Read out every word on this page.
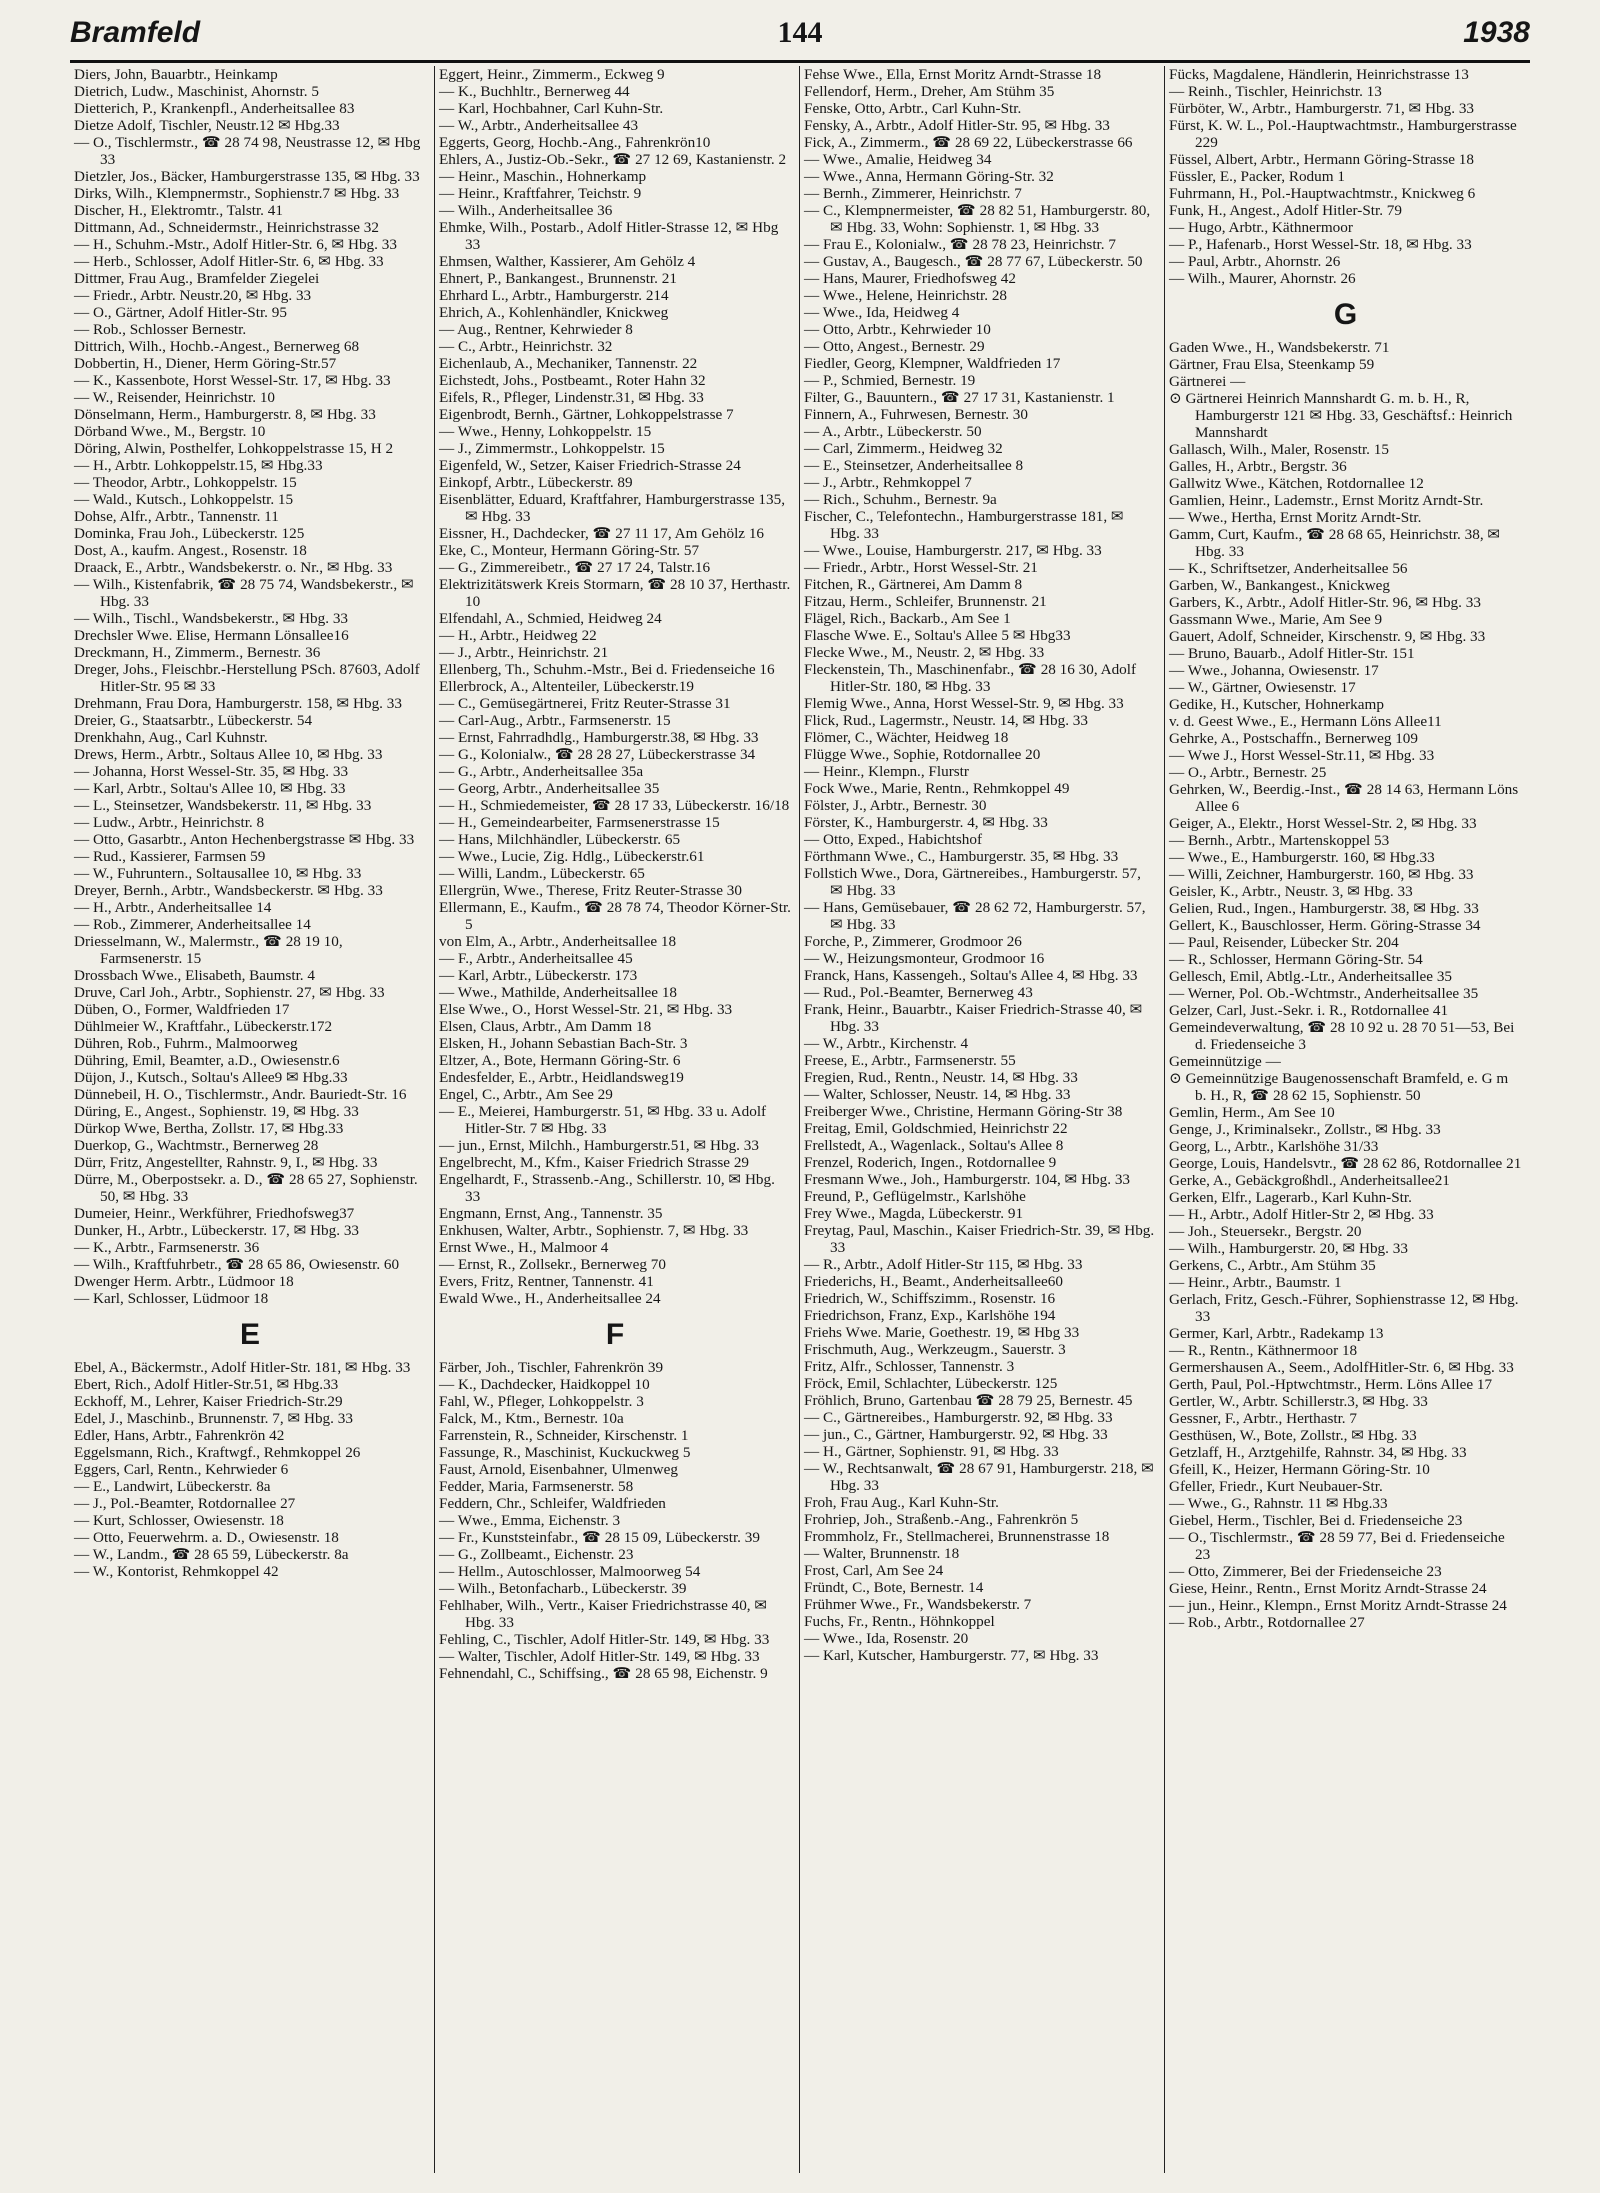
Bramfeld	144	1938
Diers, John, Bauarbtr., Heinkamp
Dietrich, Ludw., Maschinist, Ahornstr. 5
Dietterich, P., Krankenpfl., Anderheitsallee 83
Dietze Adolf, Tischler, Neustr.12 ✉ Hbg.33
— O., Tischlermstr., ☎ 28 74 98, Neustrasse 12, ✉ Hbg 33
Dietzler, Jos., Bäcker, Hamburgerstrasse 135, ✉ Hbg. 33
Dirks, Wilh., Klempnermstr., Sophienstr.7 ✉ Hbg. 33
Discher, H., Elektromtr., Talstr. 41
Dittmann, Ad., Schneidermstr., Heinrichstrasse 32
— H., Schuhm.-Mstr., Adolf Hitler-Str. 6, ✉ Hbg. 33
— Herb., Schlosser, Adolf Hitler-Str. 6, ✉ Hbg. 33
Dittmer, Frau Aug., Bramfelder Ziegelei
— Friedr., Arbtr. Neustr.20, ✉ Hbg. 33
— O., Gärtner, Adolf Hitler-Str. 95
— Rob., Schlosser Bernestr.
Dittrich, Wilh., Hochb.-Angest., Bernerweg 68
Dobbertin, H., Diener, Herm Göring-Str.57
— K., Kassenbote, Horst Wessel-Str. 17, ✉ Hbg. 33
— W., Reisender, Heinrichstr. 10
Dönselmann, Herm., Hamburgerstr. 8, ✉ Hbg. 33
Dörband Wwe., M., Bergstr. 10
Döring, Alwin, Posthelfer, Lohkoppelstrasse 15, H 2
— H., Arbtr. Lohkoppelstr.15, ✉ Hbg.33
— Theodor, Arbtr., Lohkoppelstr. 15
— Wald., Kutsch., Lohkoppelstr. 15
Dohse, Alfr., Arbtr., Tannenstr. 11
Dominka, Frau Joh., Lübeckerstr. 125
Dost, A., kaufm. Angest., Rosenstr. 18
Draack, E., Arbtr., Wandsbekerstr. o. Nr., ✉ Hbg. 33
— Wilh., Kistenfabrik, ☎ 28 75 74, Wandsbekerstr., ✉ Hbg. 33
— Wilh., Tischl., Wandsbekerstr., ✉ Hbg. 33
Drechsler Wwe. Elise, Hermann Lönsallee16
Dreckmann, H., Zimmerm., Bernestr. 36
Dreger, Johs., Fleischbr.-Herstellung PSch. 87603, Adolf Hitler-Str. 95 ✉ 33
Drehmann, Frau Dora, Hamburgerstr. 158, ✉ Hbg. 33
Dreier, G., Staatsarbtr., Lübeckerstr. 54
Drenkhahn, Aug., Carl Kuhnstr.
Drews, Herm., Arbtr., Soltaus Allee 10, ✉ Hbg. 33
— Johanna, Horst Wessel-Str. 35, ✉ Hbg. 33
— Karl, Arbtr., Soltau's Allee 10, ✉ Hbg. 33
— L., Steinsetzer, Wandsbekerstr. 11, ✉ Hbg. 33
— Ludw., Arbtr., Heinrichstr. 8
— Otto, Gasarbtr., Anton Hechenbergstrasse ✉ Hbg. 33
— Rud., Kassierer, Farmsen 59
— W., Fuhruntern., Soltausallee 10, ✉ Hbg. 33
Dreyer, Bernh., Arbtr., Wandsbeckerstr. ✉ Hbg. 33
— H., Arbtr., Anderheitsallee 14
— Rob., Zimmerer, Anderheitsallee 14
Driesselmann, W., Malermstr., ☎ 28 19 10, Farmsenerstr. 15
Drossbach Wwe., Elisabeth, Baumstr. 4
Druve, Carl Joh., Arbtr., Sophienstr. 27, ✉ Hbg. 33
Düben, O., Former, Waldfrieden 17
Dühlmeier W., Kraftfahr., Lübeckerstr.172
Dühren, Rob., Fuhrm., Malmoorweg
Dühring, Emil, Beamter, a.D., Owiesenstr.6
Düjon, J., Kutsch., Soltau's Allee9 ✉ Hbg.33
Dünnebeil, H. O., Tischlermstr., Andr. Bauriedt-Str. 16
Düring, E., Angest., Sophienstr. 19, ✉ Hbg. 33
Dürkop Wwe, Bertha, Zollstr. 17, ✉ Hbg.33
Duerkop, G., Wachtmstr., Bernerweg 28
Dürr, Fritz, Angestellter, Rahnstr. 9, I., ✉ Hbg. 33
Dürre, M., Oberpostsekr. a. D., ☎ 28 65 27, Sophienstr. 50, ✉ Hbg. 33
Dumeier, Heinr., Werkführer, Friedhofsweg37
Dunker, H., Arbtr., Lübeckerstr. 17, ✉ Hbg. 33
— K., Arbtr., Farmsenerstr. 36
— Wilh., Kraftfuhrbetr., ☎ 28 65 86, Owiesenstr. 60
Dwenger Herm. Arbtr., Lüdmoor 18
— Karl, Schlosser, Lüdmoor 18
E
Ebel, A., Bäckermstr., Adolf Hitler-Str. 181, ✉ Hbg. 33
Ebert, Rich., Adolf Hitler-Str.51, ✉ Hbg.33
Eckhoff, M., Lehrer, Kaiser Friedrich-Str.29
Edel, J., Maschinb., Brunnenstr. 7, ✉ Hbg. 33
Edler, Hans, Arbtr., Fahrenkrön 42
Eggelsmann, Rich., Kraftwgf., Rehmkoppel 26
Eggers, Carl, Rentn., Kehrwieder 6
— E., Landwirt, Lübeckerstr. 8a
— J., Pol.-Beamter, Rotdornallee 27
— Kurt, Schlosser, Owiesenstr. 18
— Otto, Feuerwehrm. a. D., Owiesenstr. 18
— W., Landm., ☎ 28 65 59, Lübeckerstr. 8a
— W., Kontorist, Rehmkoppel 42
Eggert, Heinr., Zimmerm., Eckweg 9
— K., Buchhltr., Bernerweg 44
— Karl, Hochbahner, Carl Kuhn-Str.
— W., Arbtr., Anderheitsallee 43
Eggerts, Georg, Hochb.-Ang., Fahrenkrön10
Ehlers, A., Justiz-Ob.-Sekr., ☎ 27 12 69, Kastanienstr. 2
— Heinr., Maschin., Hohnerkamp
— Heinr., Kraftfahrer, Teichstr. 9
— Wilh., Anderheitsallee 36
Ehmke, Wilh., Postarb., Adolf Hitler-Strasse 12, ✉ Hbg 33
Ehmsen, Walther, Kassierer, Am Gehölz 4
Ehnert, P., Bankangest., Brunnenstr. 21
Ehrhard L., Arbtr., Hamburgerstr. 214
Ehrich, A., Kohlenhändler, Knickweg
— Aug., Rentner, Kehrwieder 8
— C., Arbtr., Heinrichstr. 32
Eichenlaub, A., Mechaniker, Tannenstr. 22
Eichstedt, Johs., Postbeamt., Roter Hahn 32
Eifels, R., Pfleger, Lindenstr.31, ✉ Hbg. 33
Eigenbrodt, Bernh., Gärtner, Lohkoppelstrasse 7
— Wwe., Henny, Lohkoppelstr. 15
— J., Zimmermstr., Lohkoppelstr. 15
Eigenfeld, W., Setzer, Kaiser Friedrich-Strasse 24
Einkopf, Arbtr., Lübeckerstr. 89
Eisenblätter, Eduard, Kraftfahrer, Hamburgerstrasse 135, ✉ Hbg. 33
Eissner, H., Dachdecker, ☎ 27 11 17, Am Gehölz 16
Eke, C., Monteur, Hermann Göring-Str. 57
— G., Zimmereibetr., ☎ 27 17 24, Talstr.16
Elektrizitätswerk Kreis Stormarn, ☎ 28 10 37, Herthastr. 10
Elfendahl, A., Schmied, Heidweg 24
— H., Arbtr., Heidweg 22
— J., Arbtr., Heinrichstr. 21
Ellenberg, Th., Schuhm.-Mstr., Bei d. Friedenseiche 16
Ellerbrock, A., Altenteiler, Lübeckerstr.19
— C., Gemüsegärtnerei, Fritz Reuter-Strasse 31
— Carl-Aug., Arbtr., Farmsenerstr. 15
— Ernst, Fahrradhdlg., Hamburgerstr.38, ✉ Hbg. 33
— G., Kolonialw., ☎ 28 28 27, Lübeckerstrasse 34
— G., Arbtr., Anderheitsallee 35a
— Georg, Arbtr., Anderheitsallee 35
— H., Schmiedemeister, ☎ 28 17 33, Lübeckerstr. 16/18
— H., Gemeindearbeiter, Farmsenerstrasse 15
— Hans, Milchhändler, Lübeckerstr. 65
— Wwe., Lucie, Zig. Hdlg., Lübeckerstr.61
— Willi, Landm., Lübeckerstr. 65
Ellergrün, Wwe., Therese, Fritz Reuter-Strasse 30
Ellermann, E., Kaufm., ☎ 28 78 74, Theodor Körner-Str. 5
von Elm, A., Arbtr., Anderheitsallee 18
— F., Arbtr., Anderheitsallee 45
— Karl, Arbtr., Lübeckerstr. 173
— Wwe., Mathilde, Anderheitsallee 18
Else Wwe., O., Horst Wessel-Str. 21, ✉ Hbg. 33
Elsen, Claus, Arbtr., Am Damm 18
Elsken, H., Johann Sebastian Bach-Str. 3
Eltzer, A., Bote, Hermann Göring-Str. 6
Endesfelder, E., Arbtr., Heidlandsweg19
Engel, C., Arbtr., Am See 29
— E., Meierei, Hamburgerstr. 51, ✉ Hbg. 33 u. Adolf Hitler-Str. 7 ✉ Hbg. 33
— jun., Ernst, Milchh., Hamburgerstr.51, ✉ Hbg. 33
Engelbrecht, M., Kfm., Kaiser Friedrich Strasse 29
Engelhardt, F., Strassenb.-Ang., Schillerstr. 10, ✉ Hbg. 33
Engmann, Ernst, Ang., Tannenstr. 35
Enkhusen, Walter, Arbtr., Sophienstr. 7, ✉ Hbg. 33
Ernst Wwe., H., Malmoor 4
— Ernst, R., Zollsekr., Bernerweg 70
Evers, Fritz, Rentner, Tannenstr. 41
Ewald Wwe., H., Anderheitsallee 24
F
Färber, Joh., Tischler, Fahrenkrön 39
— K., Dachdecker, Haidkoppel 10
Fahl, W., Pfleger, Lohkoppelstr. 3
Falck, M., Ktm., Bernestr. 10a
Farrenstein, R., Schneider, Kirschenstr. 1
Fassunge, R., Maschinist, Kuckuckweg 5
Faust, Arnold, Eisenbahner, Ulmenweg
Fedder, Maria, Farmsenerstr. 58
Feddern, Chr., Schleifer, Waldfrieden
— Wwe., Emma, Eichenstr. 3
— Fr., Kunststeinfabr., ☎ 28 15 09, Lübeckerstr. 39
— G., Zollbeamt., Eichenstr. 23
— Hellm., Autoschlosser, Malmoorweg 54
— Wilh., Betonfacharb., Lübeckerstr. 39
Fehlhaber, Wilh., Vertr., Kaiser Friedrichstrasse 40, ✉ Hbg. 33
Fehling, C., Tischler, Adolf Hitler-Str. 149, ✉ Hbg. 33
— Walter, Tischler, Adolf Hitler-Str. 149, ✉ Hbg. 33
Fehnendahl, C., Schiffsing., ☎ 28 65 98, Eichenstr. 9
Fehse Wwe., Ella, Ernst Moritz Arndt-Strasse 18
Fellendorf, Herm., Dreher, Am Stühm 35
Fenske, Otto, Arbtr., Carl Kuhn-Str.
Fensky, A., Arbtr., Adolf Hitler-Str. 95, ✉ Hbg. 33
Fick, A., Zimmerm., ☎ 28 69 22, Lübeckerstrasse 66
— Wwe., Amalie, Heidweg 34
— Wwe., Anna, Hermann Göring-Str. 32
— Bernh., Zimmerer, Heinrichstr. 7
— C., Klempnermeister, ☎ 28 82 51, Hamburgerstr. 80, ✉ Hbg. 33, Wohn: Sophienstr. 1, ✉ Hbg. 33
— Frau E., Kolonialw., ☎ 28 78 23, Heinrichstr. 7
— Gustav, A., Baugesch., ☎ 28 77 67, Lübeckerstr. 50
— Hans, Maurer, Friedhofsweg 42
— Wwe., Helene, Heinrichstr. 28
— Wwe., Ida, Heidweg 4
— Otto, Arbtr., Kehrwieder 10
— Otto, Angest., Bernestr. 29
Fiedler, Georg, Klempner, Waldfrieden 17
— P., Schmied, Bernestr. 19
Filter, G., Bauuntern., ☎ 27 17 31, Kastanienstr. 1
Finnern, A., Fuhrwesen, Bernestr. 30
— A., Arbtr., Lübeckerstr. 50
— Carl, Zimmerm., Heidweg 32
— E., Steinsetzer, Anderheitsallee 8
— J., Arbtr., Rehmkoppel 7
— Rich., Schuhm., Bernestr. 9a
Fischer, C., Telefontechn., Hamburgerstrasse 181, ✉ Hbg. 33
— Wwe., Louise, Hamburgerstr. 217, ✉ Hbg. 33
— Friedr., Arbtr., Horst Wessel-Str. 21
Fitchen, R., Gärtnerei, Am Damm 8
Fitzau, Herm., Schleifer, Brunnenstr. 21
Flägel, Rich., Backarb., Am See 1
Flasche Wwe. E., Soltau's Allee 5 ✉ Hbg33
Flecke Wwe., M., Neustr. 2, ✉ Hbg. 33
Fleckenstein, Th., Maschinenfabr., ☎ 28 16 30, Adolf Hitler-Str. 180, ✉ Hbg. 33
Flemig Wwe., Anna, Horst Wessel-Str. 9, ✉ Hbg. 33
Flick, Rud., Lagermstr., Neustr. 14, ✉ Hbg. 33
Flömer, C., Wächter, Heidweg 18
Flügge Wwe., Sophie, Rotdornallee 20
— Heinr., Klempn., Flurstr
Fock Wwe., Marie, Rentn., Rehmkoppel 49
Fölster, J., Arbtr., Bernestr. 30
Förster, K., Hamburgerstr. 4, ✉ Hbg. 33
— Otto, Exped., Habichtshof
Förthmann Wwe., C., Hamburgerstr. 35, ✉ Hbg. 33
Follstich Wwe., Dora, Gärtnereibes., Hamburgerstr. 57, ✉ Hbg. 33
— Hans, Gemüsebauer, ☎ 28 62 72, Hamburgerstr. 57, ✉ Hbg. 33
Forche, P., Zimmerer, Grodmoor 26
— W., Heizungsmonteur, Grodmoor 16
Franck, Hans, Kassengeh., Soltau's Allee 4, ✉ Hbg. 33
— Rud., Pol.-Beamter, Bernerweg 43
Frank, Heinr., Bauarbtr., Kaiser Friedrich-Strasse 40, ✉ Hbg. 33
— W., Arbtr., Kirchenstr. 4
Freese, E., Arbtr., Farmsenerstr. 55
Fregien, Rud., Rentn., Neustr. 14, ✉ Hbg. 33
— Walter, Schlosser, Neustr. 14, ✉ Hbg. 33
Freiberger Wwe., Christine, Hermann Göring-Str 38
Freitag, Emil, Goldschmied, Heinrichstr 22
Frellstedt, A., Wagenlack., Soltau's Allee 8
Frenzel, Roderich, Ingen., Rotdornallee 9
Fresmann Wwe., Joh., Hamburgerstr. 104, ✉ Hbg. 33
Freund, P., Geflügelmstr., Karlshöhe
Frey Wwe., Magda, Lübeckerstr. 91
Freytag, Paul, Maschin., Kaiser Friedrich-Str. 39, ✉ Hbg. 33
— R., Arbtr., Adolf Hitler-Str 115, ✉ Hbg. 33
Friederichs, H., Beamt., Anderheitsallee60
Friedrich, W., Schiffszimm., Rosenstr. 16
Friedrichson, Franz, Exp., Karlshöhe 194
Friehs Wwe. Marie, Goethestr. 19, ✉ Hbg 33
Frischmuth, Aug., Werkzeugm., Sauerstr. 3
Fritz, Alfr., Schlosser, Tannenstr. 3
Fröck, Emil, Schlachter, Lübeckerstr. 125
Fröhlich, Bruno, Gartenbau ☎ 28 79 25, Bernestr. 45
— C., Gärtnereibes., Hamburgerstr. 92, ✉ Hbg. 33
— jun., C., Gärtner, Hamburgerstr. 92, ✉ Hbg. 33
— H., Gärtner, Sophienstr. 91, ✉ Hbg. 33
— W., Rechtsanwalt, ☎ 28 67 91, Hamburgerstr. 218, ✉ Hbg. 33
Froh, Frau Aug., Karl Kuhn-Str.
Frohriep, Joh., Straßenb.-Ang., Fahrenkrön 5
Frommholz, Fr., Stellmacherei, Brunnenstrasse 18
— Walter, Brunnenstr. 18
Frost, Carl, Am See 24
Fründt, C., Bote, Bernestr. 14
Frühmer Wwe., Fr., Wandsbekerstr. 7
Fuchs, Fr., Rentn., Höhnkoppel
— Wwe., Ida, Rosenstr. 20
— Karl, Kutscher, Hamburgerstr. 77, ✉ Hbg. 33
Fücks, Magdalene, Händlerin, Heinrichstrasse 13
— Reinh., Tischler, Heinrichstr. 13
Fürböter, W., Arbtr., Hamburgerstr. 71, ✉ Hbg. 33
Fürst, K. W. L., Pol.-Hauptwachtmstr., Hamburgerstrasse 229
Füssel, Albert, Arbtr., Hermann Göring-Strasse 18
Füssler, E., Packer, Rodum 1
Fuhrmann, H., Pol.-Hauptwachtmstr., Knickweg 6
Funk, H., Angest., Adolf Hitler-Str. 79
— Hugo, Arbtr., Käthnermoor
— P., Hafenarb., Horst Wessel-Str. 18, ✉ Hbg. 33
— Paul, Arbtr., Ahornstr. 26
— Wilh., Maurer, Ahornstr. 26
G
Gaden Wwe., H., Wandsbekerstr. 71
Gärtner, Frau Elsa, Steenkamp 59
Gärtnerei —
⊙ Gärtnerei Heinrich Mannshardt G. m. b. H., R, Hamburgerstr 121 ✉ Hbg. 33, Geschäftsf.: Heinrich Mannshardt
Gallasch, Wilh., Maler, Rosenstr. 15
Galles, H., Arbtr., Bergstr. 36
Gallwitz Wwe., Kätchen, Rotdornallee 12
Gamlien, Heinr., Lademstr., Ernst Moritz Arndt-Str.
— Wwe., Hertha, Ernst Moritz Arndt-Str.
Gamm, Curt, Kaufm., ☎ 28 68 65, Heinrichstr. 38, ✉ Hbg. 33
— K., Schriftsetzer, Anderheitsallee 56
Garben, W., Bankangest., Knickweg
Garbers, K., Arbtr., Adolf Hitler-Str. 96, ✉ Hbg. 33
Gassmann Wwe., Marie, Am See 9
Gauert, Adolf, Schneider, Kirschenstr. 9, ✉ Hbg. 33
— Bruno, Bauarb., Adolf Hitler-Str. 151
— Wwe., Johanna, Owiesenstr. 17
— W., Gärtner, Owiesenstr. 17
Gedike, H., Kutscher, Hohnerkamp
v. d. Geest Wwe., E., Hermann Löns Allee11
Gehrke, A., Postschaffn., Bernerweg 109
— Wwe J., Horst Wessel-Str.11, ✉ Hbg. 33
— O., Arbtr., Bernestr. 25
Gehrken, W., Beerdig.-Inst., ☎ 28 14 63, Hermann Löns Allee 6
Geiger, A., Elektr., Horst Wessel-Str. 2, ✉ Hbg. 33
— Bernh., Arbtr., Martenskoppel 53
— Wwe., E., Hamburgerstr. 160, ✉ Hbg.33
— Willi, Zeichner, Hamburgerstr. 160, ✉ Hbg. 33
Geisler, K., Arbtr., Neustr. 3, ✉ Hbg. 33
Gelien, Rud., Ingen., Hamburgerstr. 38, ✉ Hbg. 33
Gellert, K., Bauschlosser, Herm. Göring-Strasse 34
— Paul, Reisender, Lübecker Str. 204
— R., Schlosser, Hermann Göring-Str. 54
Gellesch, Emil, Abtlg.-Ltr., Anderheitsallee 35
— Werner, Pol. Ob.-Wchtmstr., Anderheitsallee 35
Gelzer, Carl, Just.-Sekr. i. R., Rotdornallee 41
Gemeindeverwaltung, ☎ 28 10 92 u. 28 70 51—53, Bei d. Friedenseiche 3
Gemeinnützige —
⊙ Gemeinnützige Baugenossenschaft Bramfeld, e. G m b. H., R, ☎ 28 62 15, Sophienstr. 50
Gemlin, Herm., Am See 10
Genge, J., Kriminalsekr., Zollstr., ✉ Hbg. 33
Georg, L., Arbtr., Karlshöhe 31/33
George, Louis, Handelsvtr., ☎ 28 62 86, Rotdornallee 21
Gerke, A., Gebäckgroßhdl., Anderheitsallee21
Gerken, Elfr., Lagerarb., Karl Kuhn-Str.
— H., Arbtr., Adolf Hitler-Str 2, ✉ Hbg. 33
— Joh., Steuersekr., Bergstr. 20
— Wilh., Hamburgerstr. 20, ✉ Hbg. 33
Gerkens, C., Arbtr., Am Stühm 35
— Heinr., Arbtr., Baumstr. 1
Gerlach, Fritz, Gesch.-Führer, Sophienstrasse 12, ✉ Hbg. 33
Germer, Karl, Arbtr., Radekamp 13
— R., Rentn., Käthnermoor 18
Germershausen A., Seem., AdolfHitler-Str. 6, ✉ Hbg. 33
Gerth, Paul, Pol.-Hptwchtmstr., Herm. Löns Allee 17
Gertler, W., Arbtr. Schillerstr.3, ✉ Hbg. 33
Gessner, F., Arbtr., Herthastr. 7
Gesthüsen, W., Bote, Zollstr., ✉ Hbg. 33
Getzlaff, H., Arztgehilfe, Rahnstr. 34, ✉ Hbg. 33
Gfeill, K., Heizer, Hermann Göring-Str. 10
Gfeller, Friedr., Kurt Neubauer-Str.
— Wwe., G., Rahnstr. 11 ✉ Hbg.33
Giebel, Herm., Tischler, Bei d. Friedenseiche 23
— O., Tischlermstr., ☎ 28 59 77, Bei d. Friedenseiche 23
— Otto, Zimmerer, Bei der Friedenseiche 23
Giese, Heinr., Rentn., Ernst Moritz Arndt-Strasse 24
— jun., Heinr., Klempn., Ernst Moritz Arndt-Strasse 24
— Rob., Arbtr., Rotdornallee 27
